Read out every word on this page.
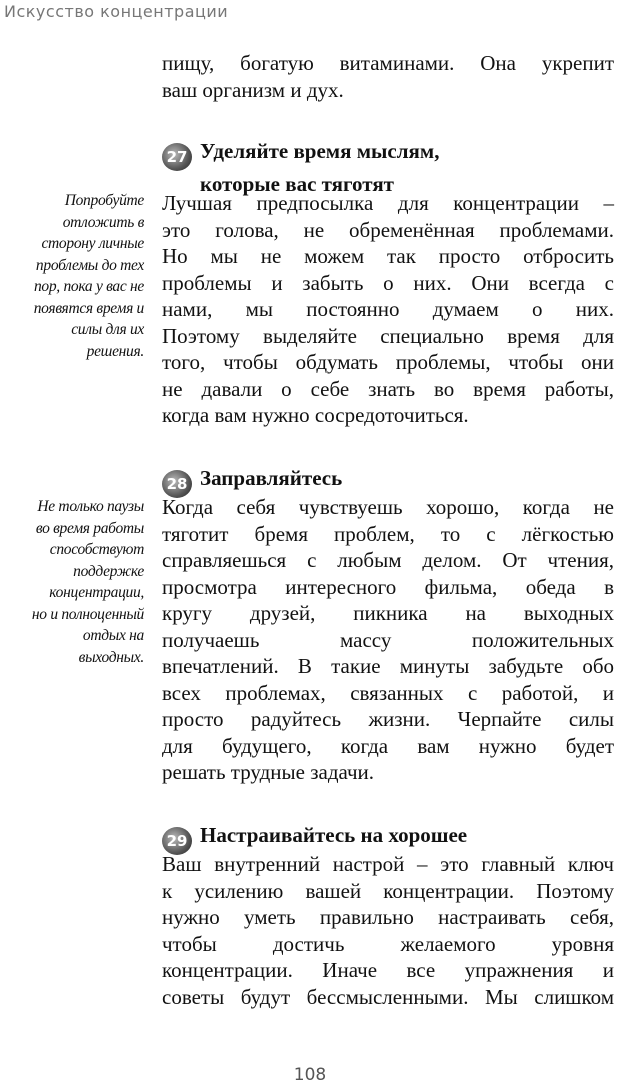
Искусство концентрации
пищу, богатую витаминами. Она укрепит
ваш организм и дух.
27 Уделяйте время мыслям,
которые вас тяготят
Попробуйте
отложить в
сторону личные
проблемы до тех
пор, пока у вас не
появятся время и
силы для их
решения.
Лучшая предпосылка для концентрации –
это голова, не обременённая проблемами.
Но мы не можем так просто отбросить
проблемы и забыть о них. Они всегда с
нами, мы постоянно думаем о них.
Поэтому выделяйте специально время для
того, чтобы обдумать проблемы, чтобы они
не давали о себе знать во время работы,
когда вам нужно сосредоточиться.
28 Заправляйтесь
Не только паузы
во время работы
способствуют
поддержке
концентрации,
но и полноценный
отдых на
выходных.
Когда себя чувствуешь хорошо, когда не
тяготит бремя проблем, то с лёгкостью
справляешься с любым делом. От чтения,
просмотра интересного фильма, обеда в
кругу друзей, пикника на выходных
получаешь массу положительных
впечатлений. В такие минуты забудьте обо
всех проблемах, связанных с работой, и
просто радуйтесь жизни. Черпайте силы
для будущего, когда вам нужно будет
решать трудные задачи.
29 Настраивайтесь на хорошее
Ваш внутренний настрой – это главный ключ
к усилению вашей концентрации. Поэтому
нужно уметь правильно настраивать себя,
чтобы достичь желаемого уровня
концентрации. Иначе все упражнения и
советы будут бессмысленными. Мы слишком
108
